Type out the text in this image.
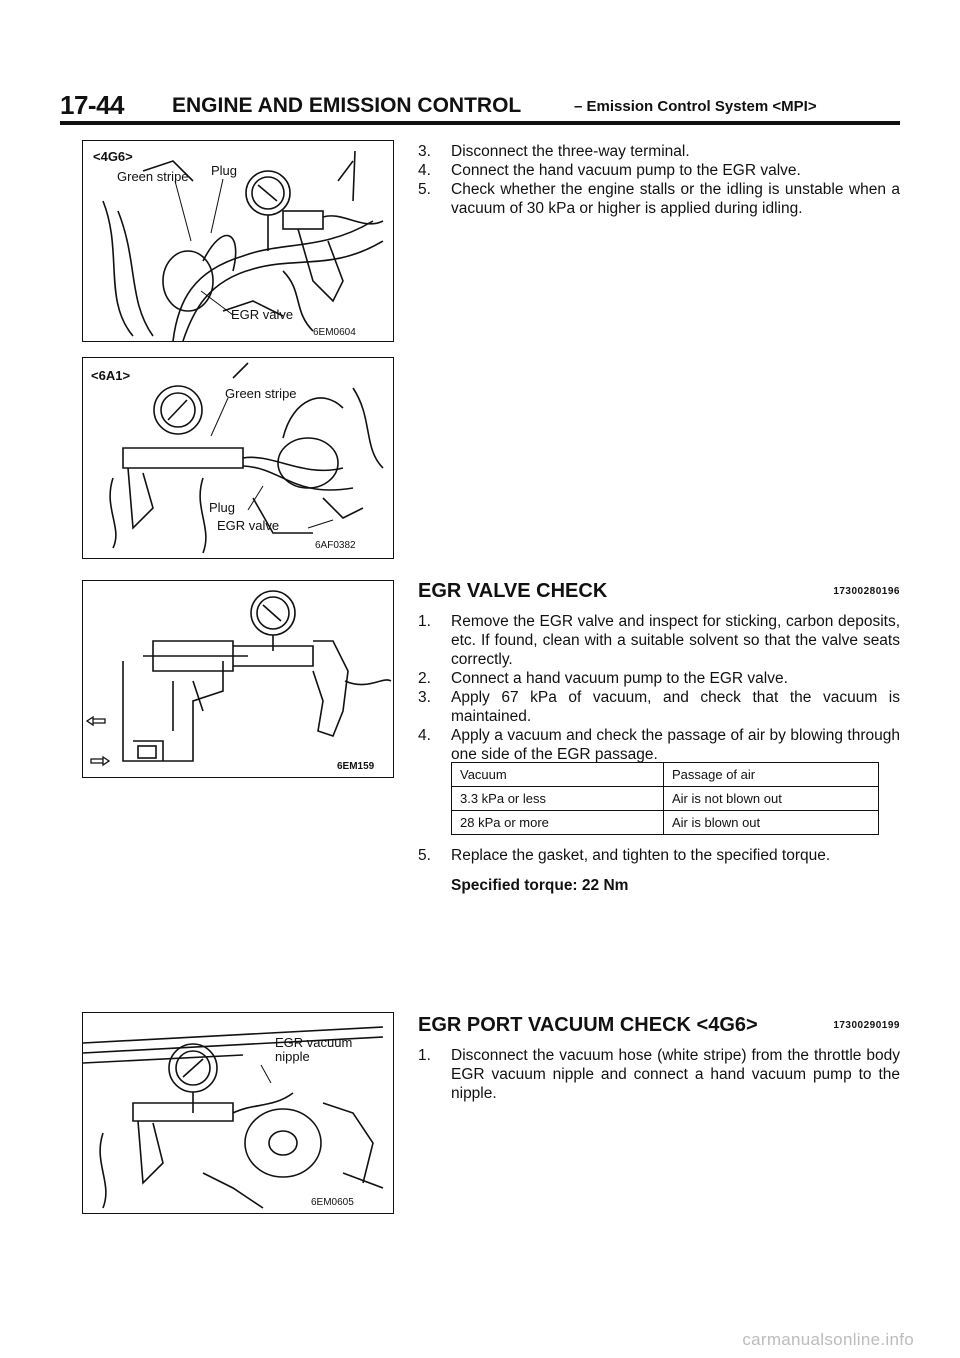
17-44 ENGINE AND EMISSION CONTROL	– Emission Control System <MPI>
<4G6>
Green stripe Plug
EGR valve
6EM0604
<6A1>
Green stripe
Plug
EGR valve
6AF0382
6EM159
EGR vacuum
nipple
6EM0605
3. Disconnect the three-way terminal.
4. Connect the hand vacuum pump to the EGR valve.
5. Check whether the engine stalls or the idling is unstable when a vacuum of 30 kPa or higher is applied during idling.
EGR VALVE CHECK	17300280196
1. Remove the EGR valve and inspect for sticking, carbon deposits, etc. If found, clean with a suitable solvent so that the valve seats correctly.
2. Connect a hand vacuum pump to the EGR valve.
3. Apply 67 kPa of vacuum, and check that the vacuum is maintained.
4. Apply a vacuum and check the passage of air by blowing through one side of the EGR passage.
Vacuum	Passage of air
3.3 kPa or less	Air is not blown out
28 kPa or more	Air is blown out
5. Replace the gasket, and tighten to the specified torque.
Specified torque: 22 Nm
EGR PORT VACUUM CHECK <4G6>	17300290199
1. Disconnect the vacuum hose (white stripe) from the throttle body EGR vacuum nipple and connect a hand vacuum pump to the nipple.
carmanualsonline.info
